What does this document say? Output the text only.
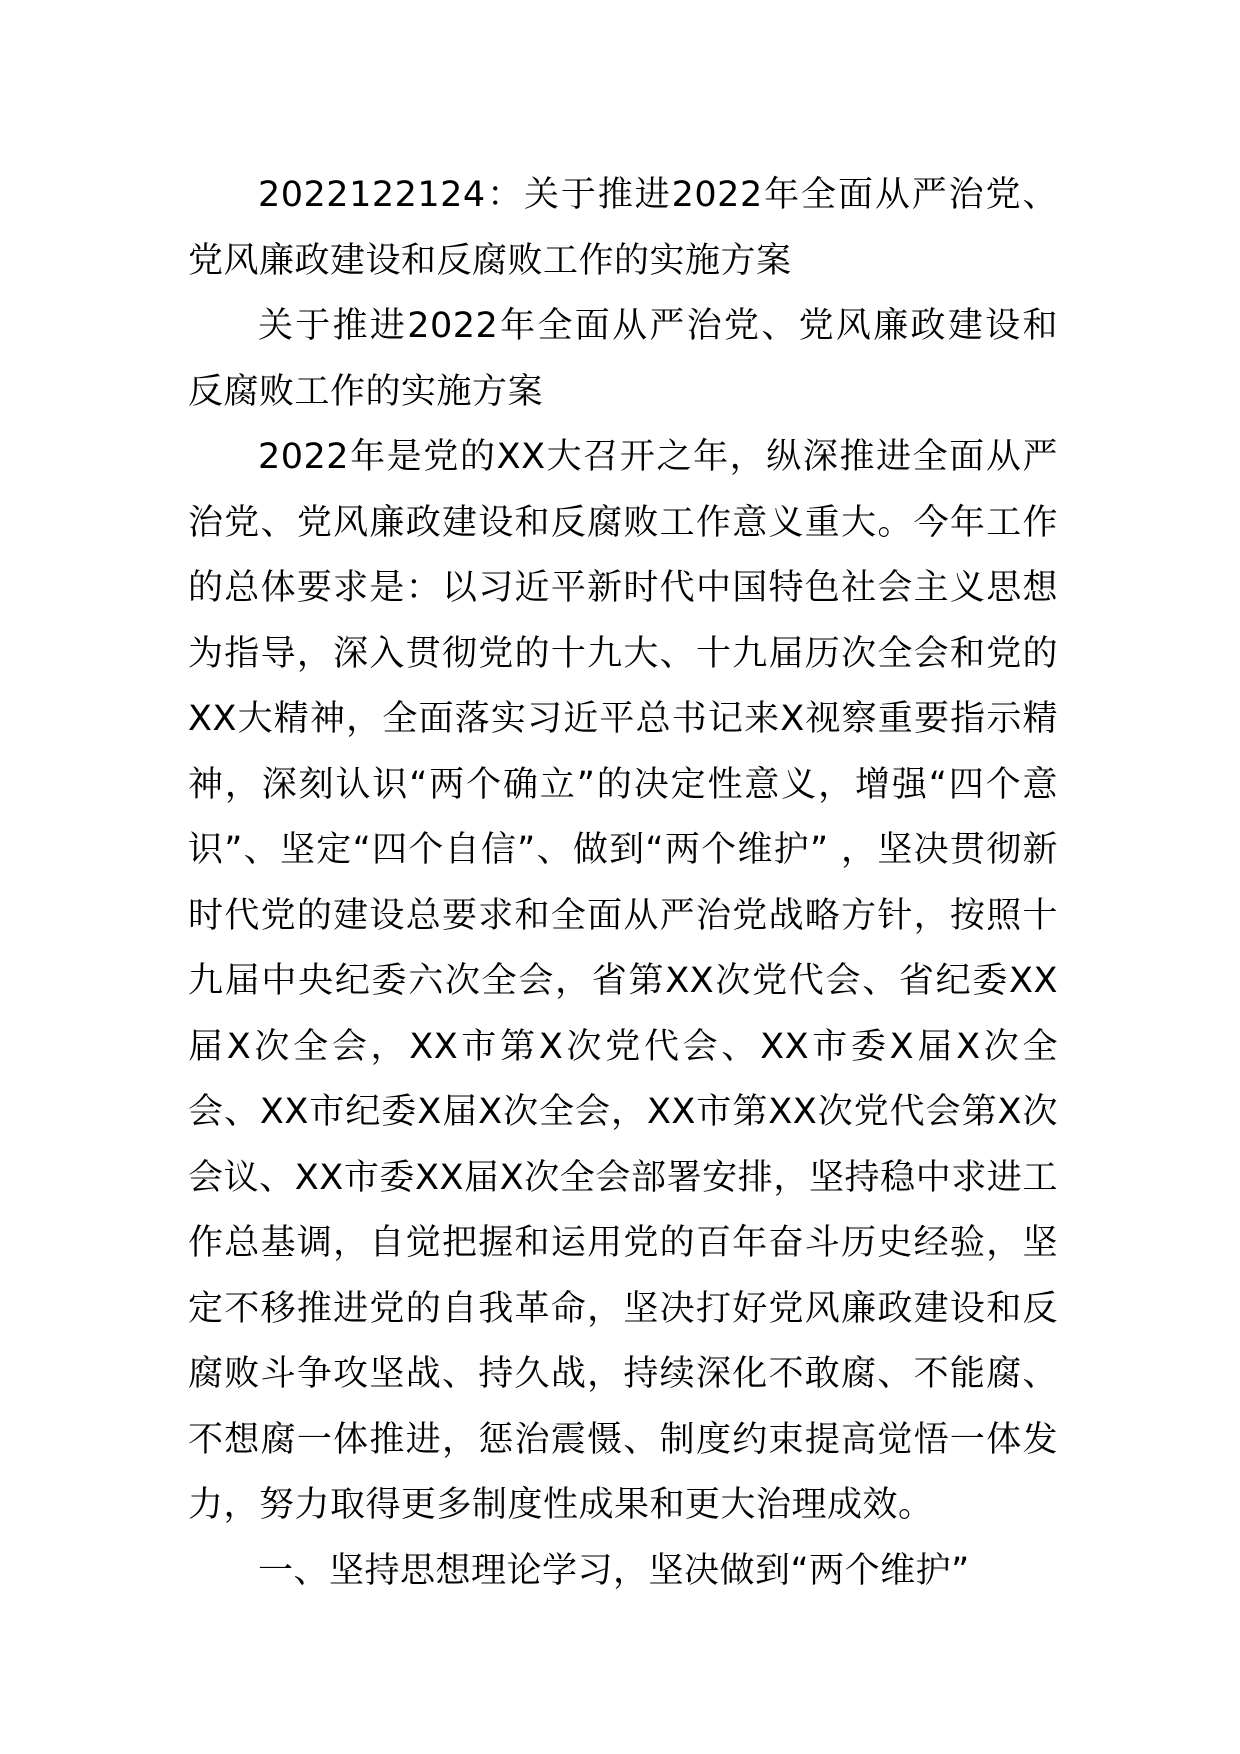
2022122124：关于推进2022年全面从严治党、党风廉政建设和反腐败工作的实施方案

关于推进2022年全面从严治党、党风廉政建设和反腐败工作的实施方案

2022年是党的XX大召开之年，纵深推进全面从严治党、党风廉政建设和反腐败工作意义重大。今年工作的总体要求是：以习近平新时代中国特色社会主义思想为指导，深入贯彻党的十九大、十九届历次全会和党的XX大精神，全面落实习近平总书记来X视察重要指示精神，深刻认识“两个确立”的决定性意义，增强“四个意识”、坚定“四个自信”、做到“两个维护” ，坚决贯彻新时代党的建设总要求和全面从严治党战略方针，按照十九届中央纪委六次全会，省第XX次党代会、省纪委XX届X次全会，XX市第X次党代会、XX市委X届X次全会、XX市纪委X届X次全会，XX市第XX次党代会第X次会议、XX市委XX届X次全会部署安排，坚持稳中求进工作总基调，自觉把握和运用党的百年奋斗历史经验，坚定不移推进党的自我革命，坚决打好党风廉政建设和反腐败斗争攻坚战、持久战，持续深化不敢腐、不能腐、不想腐一体推进，惩治震慑、制度约束提高觉悟一体发力，努力取得更多制度性成果和更大治理成效。

一、坚持思想理论学习，坚决做到“两个维护”
